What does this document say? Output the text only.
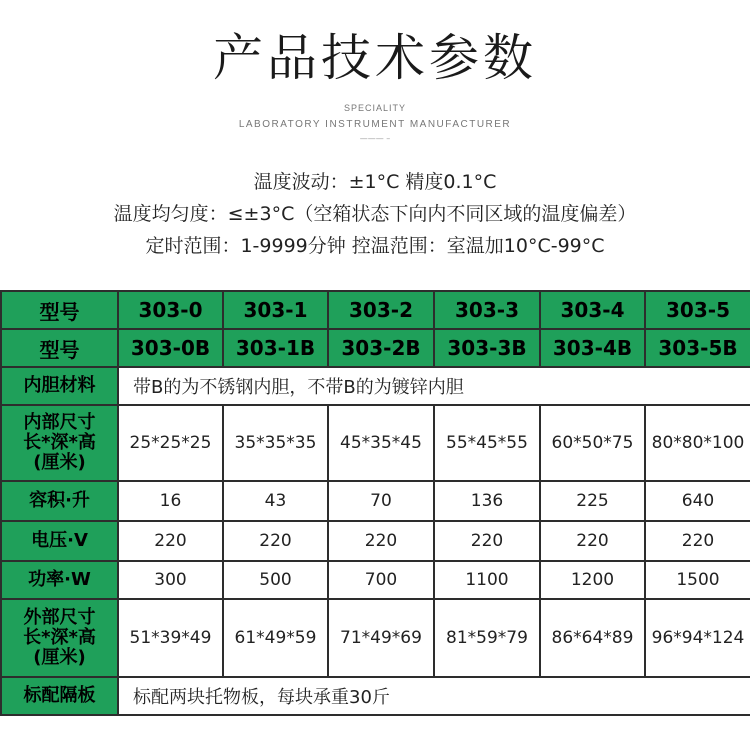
产品技术参数
SPECIALITY
LABORATORY INSTRUMENT MANUFACTURER
——— –
温度波动：±1°C 精度0.1°C
温度均匀度：≤±3°C（空箱状态下向内不同区域的温度偏差）
定时范围：1-9999分钟 控温范围：室温加10°C-99°C
型号	303-0	303-1	303-2	303-3	303-4	303-5
型号	303-0B	303-1B	303-2B	303-3B	303-4B	303-5B
内胆材料	带B的为不锈钢内胆，不带B的为镀锌内胆					

内部尺寸
长*深*高
(厘米)	25*25*25	35*35*35	45*35*45	55*45*55	60*50*75	80*80*100
容积·升	16	43	70	136	225	640
电压·V	220	220	220	220	220	220
功率·W	300	500	700	1100	1200	1500

外部尺寸
长*深*高
(厘米)	51*39*49	61*49*59	71*49*69	81*59*79	86*64*89	96*94*124
标配隔板	标配两块托物板，每块承重30斤					
